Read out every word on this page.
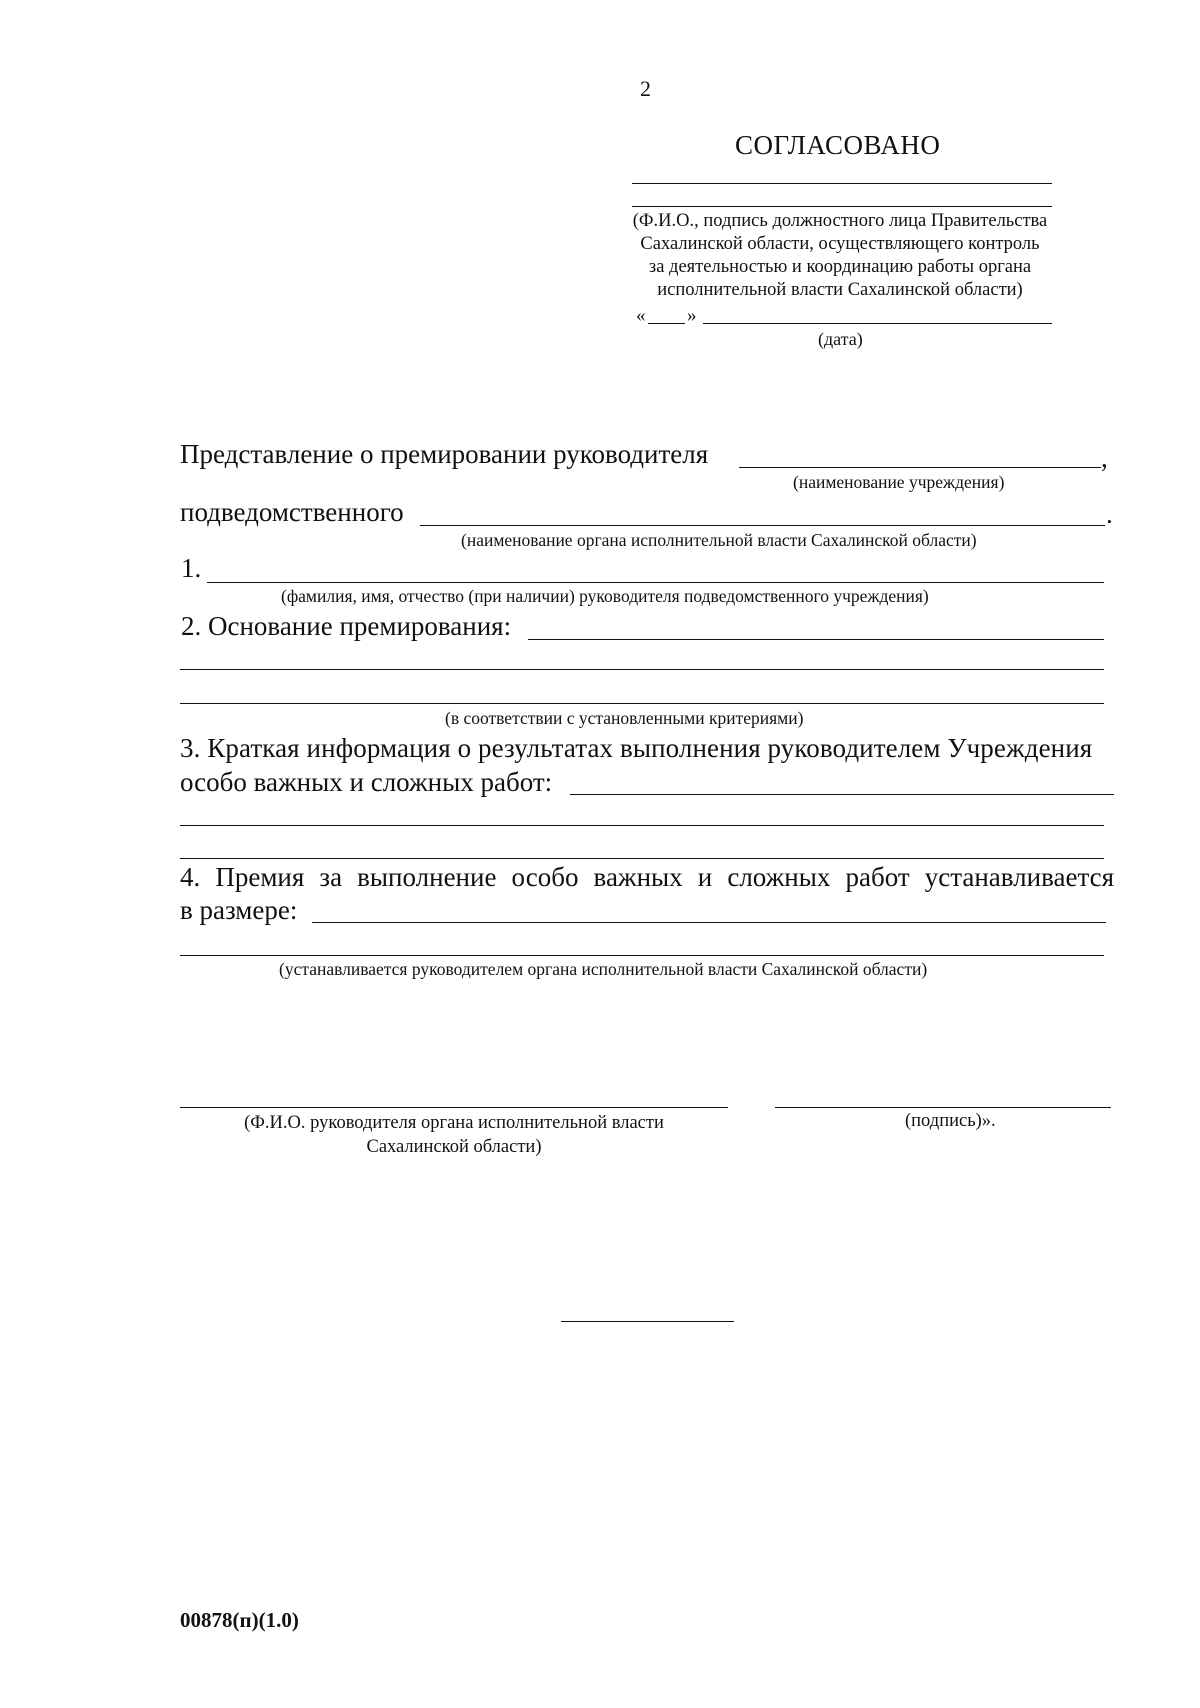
2
СОГЛАСОВАНО
(Ф.И.О., подпись должностного лица Правительства
Сахалинской области, осуществляющего контроль
за деятельностью и координацию работы органа
исполнительной власти Сахалинской области)
« »
(дата)
Представление о премировании руководителя	,
(наименование учреждения)
подведомственного	.
(наименование органа исполнительной власти Сахалинской области)
1.
(фамилия, имя, отчество (при наличии) руководителя подведомственного учреждения)
2. Основание премирования:
(в соответствии с установленными критериями)
3. Краткая информация о результатах выполнения руководителем Учреждения
особо важных и сложных работ:
4. Премия за выполнение особо важных и сложных работ устанавливается
в размере:
(устанавливается руководителем органа исполнительной власти Сахалинской области)
(Ф.И.О. руководителя органа исполнительной власти
Сахалинской области)
(подпись)».
00878(п)(1.0)
